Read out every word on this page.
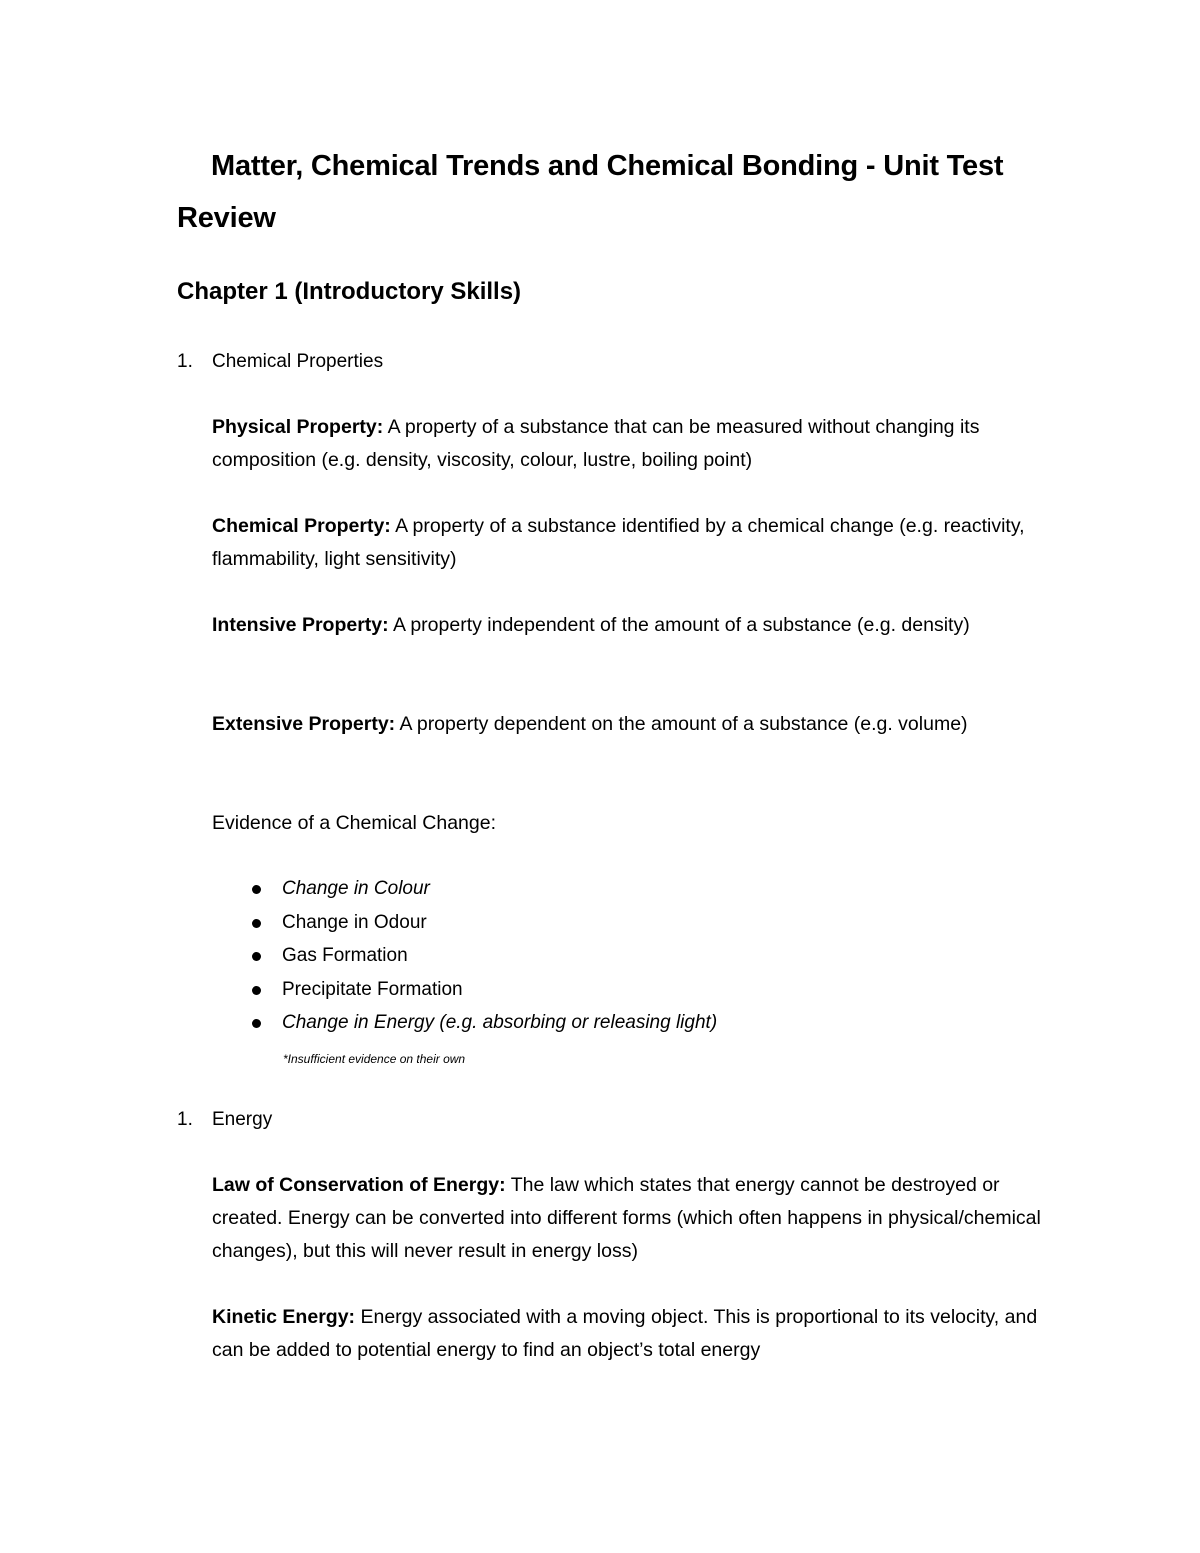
Matter, Chemical Trends and Chemical Bonding - Unit Test Review
Chapter 1 (Introductory Skills)
1. Chemical Properties

Physical Property: A property of a substance that can be measured without changing its composition (e.g. density, viscosity, colour, lustre, boiling point)

Chemical Property: A property of a substance identified by a chemical change (e.g. reactivity, flammability, light sensitivity)

Intensive Property: A property independent of the amount of a substance (e.g. density)

Extensive Property: A property dependent on the amount of a substance (e.g. volume)

Evidence of a Chemical Change:

Change in Colour
Change in Odour
Gas Formation
Precipitate Formation
Change in Energy (e.g. absorbing or releasing light)
*Insufficient evidence on their own
1. Energy

Law of Conservation of Energy: The law which states that energy cannot be destroyed or created. Energy can be converted into different forms (which often happens in physical/chemical changes), but this will never result in energy loss)

Kinetic Energy: Energy associated with a moving object. This is proportional to its velocity, and can be added to potential energy to find an object’s total energy
